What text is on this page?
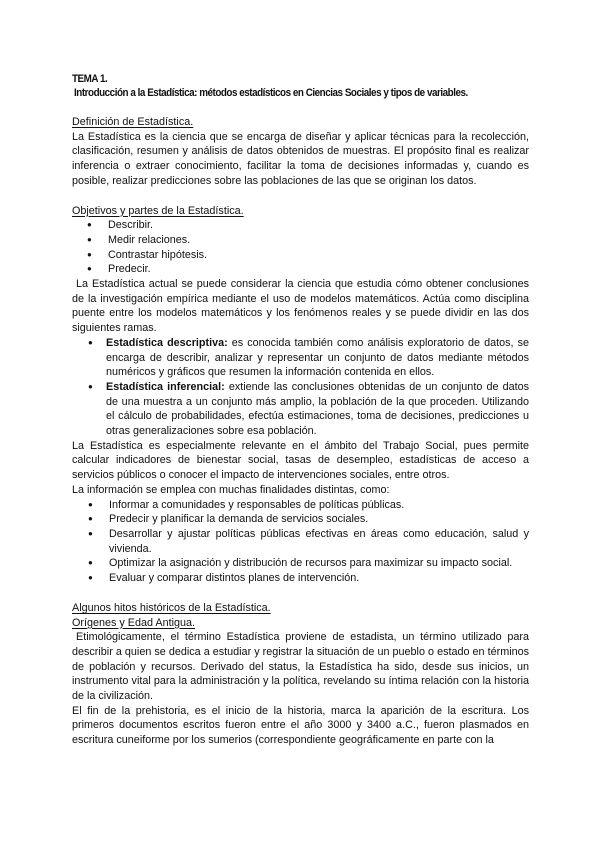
TEMA 1.
Introducción a la Estadística: métodos estadísticos en Ciencias Sociales y tipos de variables.
Definición de Estadística.

La Estadística es la ciencia que se encarga de diseñar y aplicar técnicas para la recolección, clasificación, resumen y análisis de datos obtenidos de muestras. El propósito final es realizar inferencia o extraer conocimiento, facilitar la toma de decisiones informadas y, cuando es posible, realizar predicciones sobre las poblaciones de las que se originan los datos.

Objetivos y partes de la Estadística.
● Describir.
● Medir relaciones.
● Contrastar hipótesis.
● Predecir.

La Estadística actual se puede considerar la ciencia que estudia cómo obtener conclusiones de la investigación empírica mediante el uso de modelos matemáticos. Actúa como disciplina puente entre los modelos matemáticos y los fenómenos reales y se puede dividir en las dos siguientes ramas.

● Estadística descriptiva: es conocida también como análisis exploratorio de datos, se encarga de describir, analizar y representar un conjunto de datos mediante métodos numéricos y gráficos que resumen la información contenida en ellos.
● Estadística inferencial: extiende las conclusiones obtenidas de un conjunto de datos de una muestra a un conjunto más amplio, la población de la que proceden. Utilizando el cálculo de probabilidades, efectúa estimaciones, toma de decisiones, predicciones u otras generalizaciones sobre esa población.

La Estadística es especialmente relevante en el ámbito del Trabajo Social, pues permite calcular indicadores de bienestar social, tasas de desempleo, estadísticas de acceso a servicios públicos o conocer el impacto de intervenciones sociales, entre otros.

La información se emplea con muchas finalidades distintas, como:

● Informar a comunidades y responsables de políticas públicas.
● Predecir y planificar la demanda de servicios sociales.
● Desarrollar y ajustar políticas públicas efectivas en áreas como educación, salud y vivienda.
● Optimizar la asignación y distribución de recursos para maximizar su impacto social.
● Evaluar y comparar distintos planes de intervención.
Algunos hitos históricos de la Estadística.
Orígenes y Edad Antigua.

Etimológicamente, el término Estadística proviene de estadista, un término utilizado para describir a quien se dedica a estudiar y registrar la situación de un pueblo o estado en términos de población y recursos. Derivado del status, la Estadística ha sido, desde sus inicios, un instrumento vital para la administración y la política, revelando su íntima relación con la historia de la civilización.

El fin de la prehistoria, es el inicio de la historia, marca la aparición de la escritura. Los primeros documentos escritos fueron entre el año 3000 y 3400 a.C., fueron plasmados en escritura cuneiforme por los sumerios (correspondiente geográficamente en parte con la
